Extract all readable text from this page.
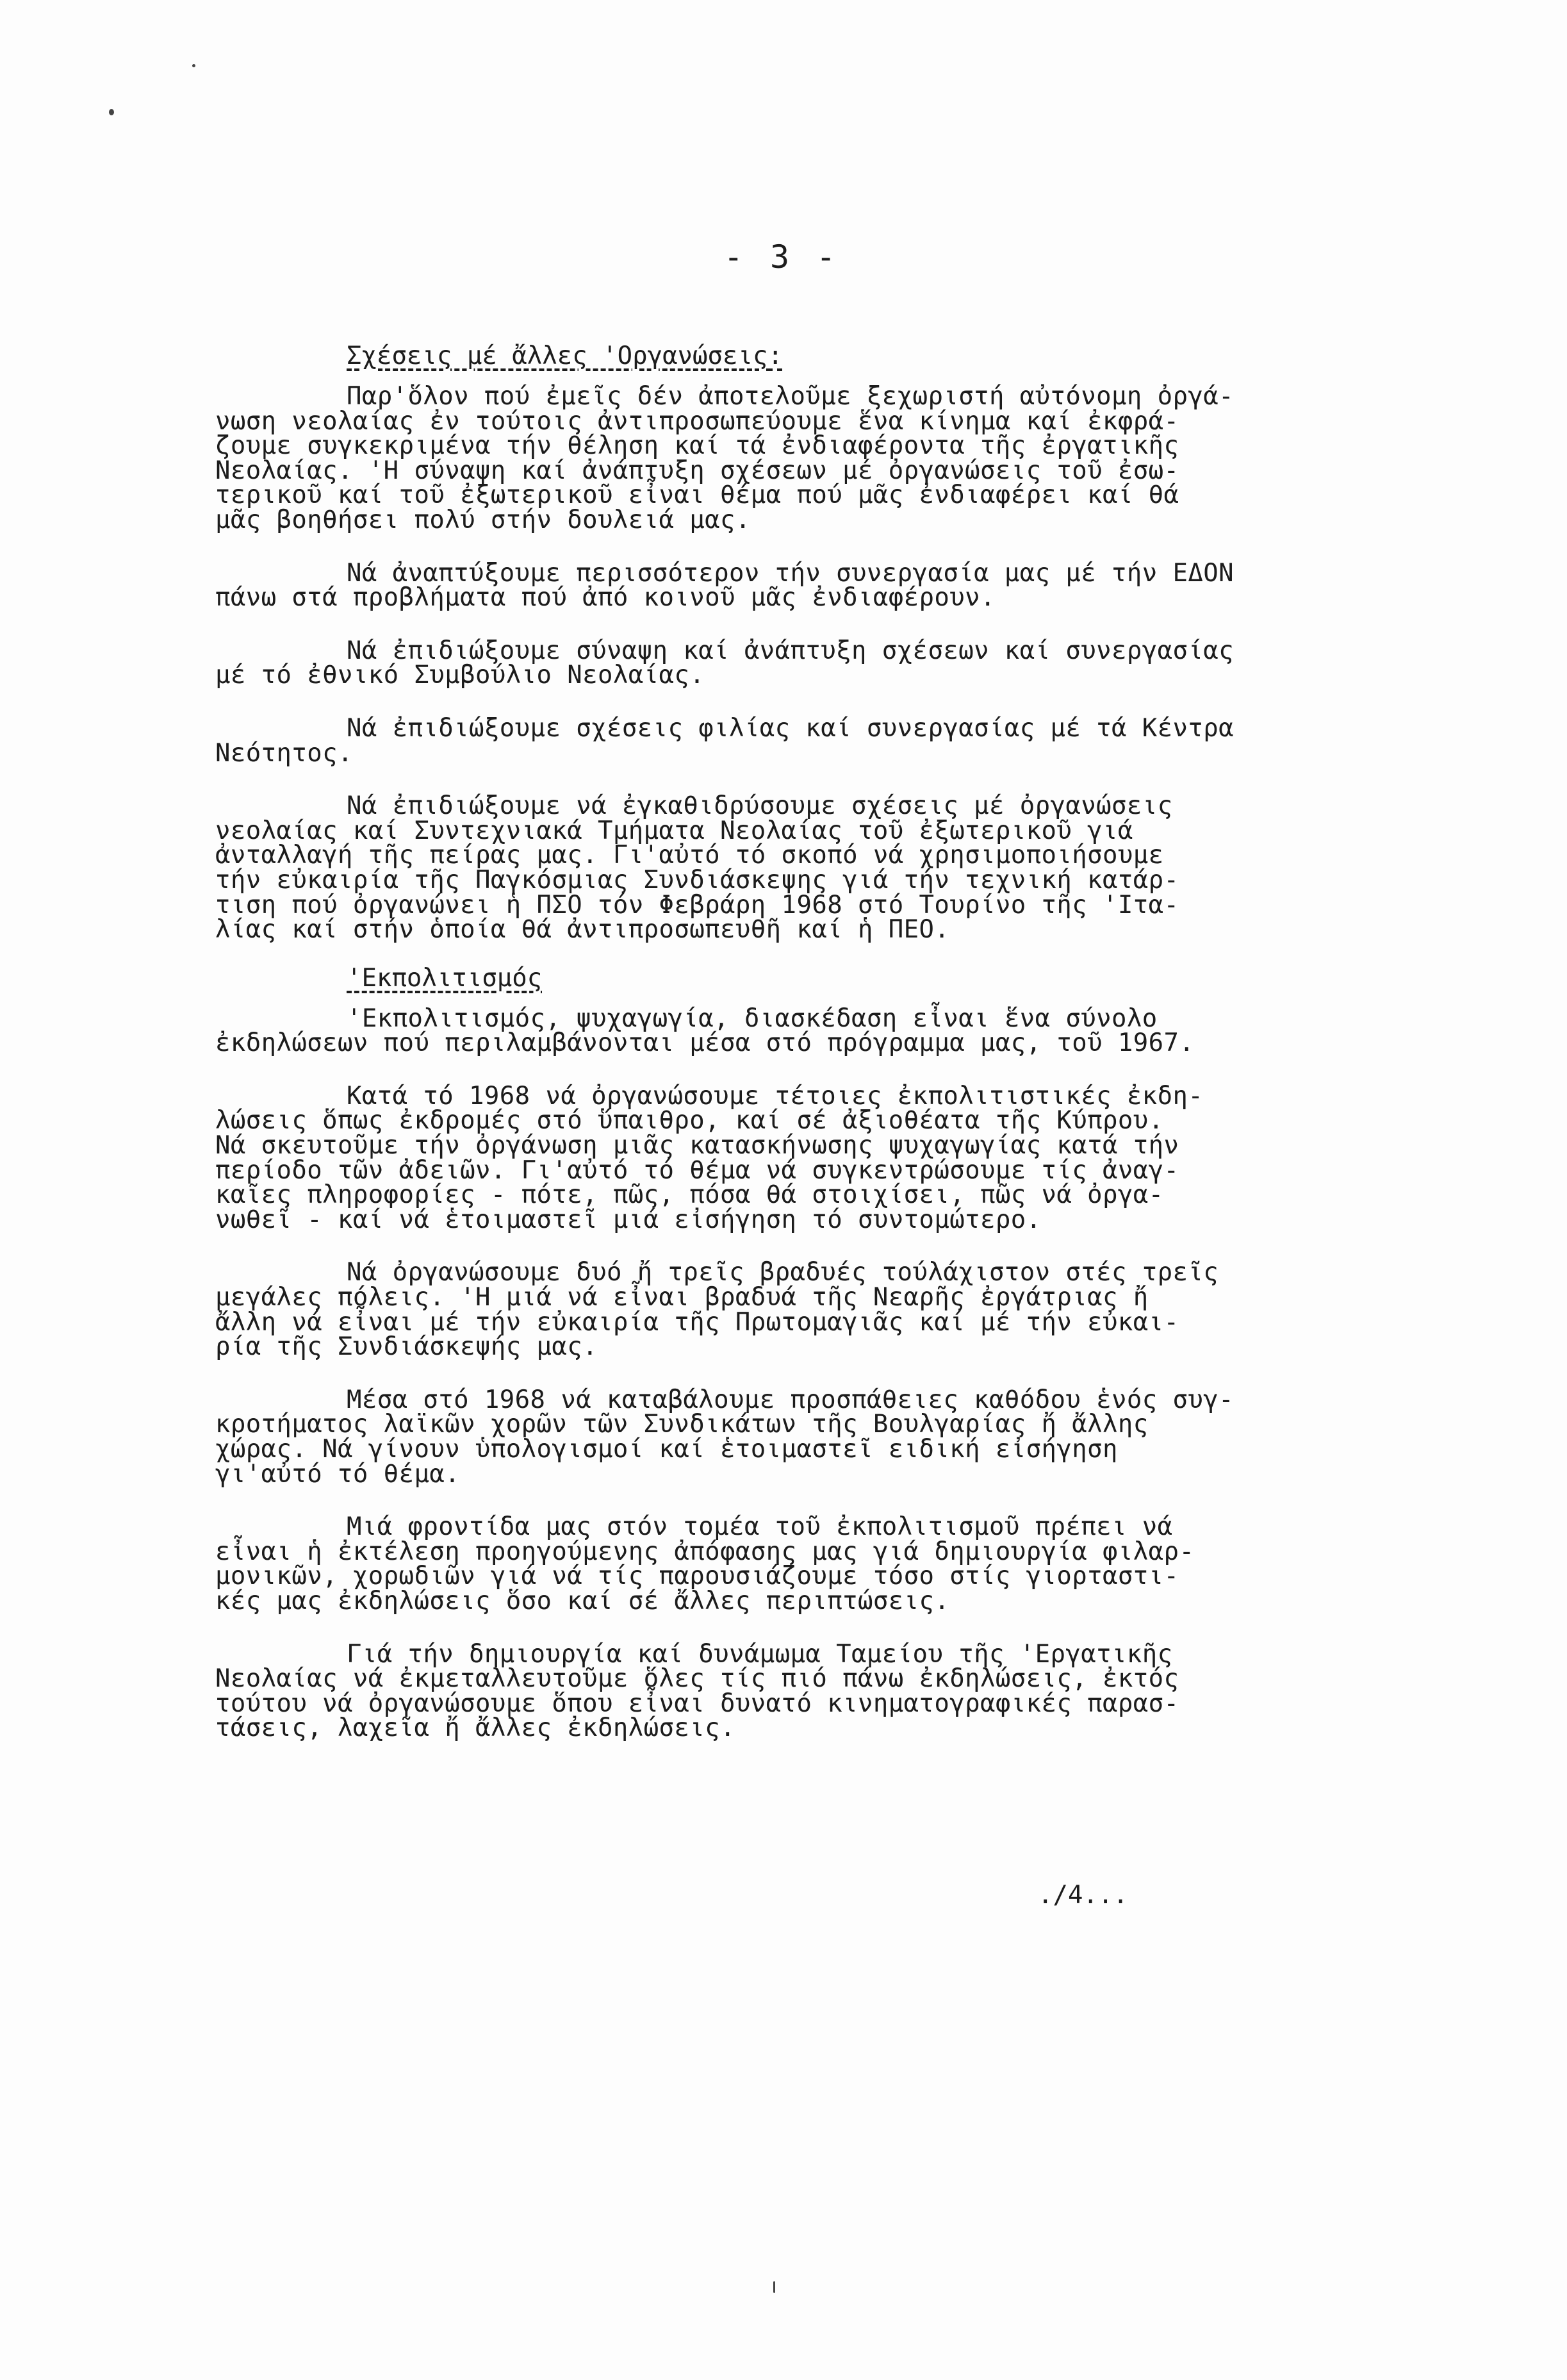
- 3 -
Σχέσεις μέ ἄλλες 'Οργανώσεις :
Παρ'ὅλον πού ἐμεῖς δέν ἀποτελοῦμε ξεχωριστή αὐτόνομη ὀργά-
νωση νεολαίας ἐν τούτοις ἀντιπροσωπεύουμε ἕνα κίνημα καί ἐκφρά-
ζουμε συγκεκριμένα τήν θέληση καί τά ἐνδιαφέροντα τῆς ἐργατικῆς
Νεολαίας. 'Η σύναψη καί ἀνάπτυξη σχέσεων μέ ὀργανώσεις τοῦ ἐσω-
τερικοῦ καί τοῦ ἐξωτερικοῦ εἶναι θέμα πού μᾶς ἐνδιαφέρει καί θά
μᾶς βοηθήσει πολύ στήν δουλειά μας.
Νά ἀναπτύξουμε περισσότερον τήν συνεργασία μας μέ τήν ΕΔΟΝ
πάνω στά προβλήματα πού ἀπό κοινοῦ μᾶς ἐνδιαφέρουν.
Νά ἐπιδιώξουμε σύναψη καί ἀνάπτυξη σχέσεων καί συνεργασίας
μέ τό ἐθνικό Συμβούλιο Νεολαίας.
Νά ἐπιδιώξουμε σχέσεις φιλίας καί συνεργασίας μέ τά Κέντρα
Νεότητος.
Νά ἐπιδιώξουμε νά ἐγκαθιδρύσουμε σχέσεις μέ ὀργανώσεις
νεολαίας καί Συντεχνιακά Τμήματα Νεολαίας τοῦ ἐξωτερικοῦ γιά
ἀνταλλαγή τῆς πείρας μας. Γι'αὐτό τό σκοπό νά χρησιμοποιήσουμε
τήν εὐκαιρία τῆς Παγκόσμιας Συνδιάσκεψης γιά τήν τεχνική κατάρ-
τιση πού ὀργανώνει ἡ ΠΣΟ τόν Φεβράρη 1968 στό Τουρίνο τῆς 'Ιτα-
λίας καί στήν ὁποία θά ἀντιπροσωπευθῆ καί ἡ ΠΕΟ.
'Εκπολιτισμός
'Εκπολιτισμός, ψυχαγωγία, διασκέδαση εἶναι ἕνα σύνολο
ἐκδηλώσεων πού περιλαμβάνονται μέσα στό πρόγραμμα μας, τοῦ 1967.
Κατά τό 1968 νά ὀργανώσουμε τέτοιες ἐκπολιτιστικές ἐκδη-
λώσεις ὅπως ἐκδρομές στό ὕπαιθρο, καί σέ ἀξιοθέατα τῆς Κύπρου.
Νά σκευτοῦμε τήν ὀργάνωση μιᾶς κατασκήνωσης ψυχαγωγίας κατά τήν
περίοδο τῶν ἀδειῶν. Γι'αὐτό τό θέμα νά συγκεντρώσουμε τίς ἀναγ-
καῖες πληροφορίες - πότε, πῶς, πόσα θά στοιχίσει, πῶς νά ὀργα-
νωθεῖ - καί νά ἑτοιμαστεῖ μιά εἰσήγηση τό συντομώτερο.
Νά ὀργανώσουμε δυό ἤ τρεῖς βραδυές τούλάχιστον στές τρεῖς
μεγάλες πόλεις. 'Η μιά νά εἶναι βραδυά τῆς Νεαρῆς ἐργάτριας ἤ
ἄλλη νά εἶναι μέ τήν εὐκαιρία τῆς Πρωτομαγιᾶς καί μέ τήν εὐκαι-
ρία τῆς Συνδιάσκεψής μας.
Μέσα στό 1968 νά καταβάλουμε προσπάθειες καθόδου ἑνός συγ-
κροτήματος λαϊκῶν χορῶν τῶν Συνδικάτων τῆς Βουλγαρίας ἤ ἄλλης
χώρας. Νά γίνουν ὑπολογισμοί καί ἑτοιμαστεῖ ειδική εἰσήγηση
γι'αὐτό τό θέμα.
Μιά φροντίδα μας στόν τομέα τοῦ ἐκπολιτισμοῦ πρέπει νά
εἶναι ἡ ἐκτέλεση προηγούμενης ἀπόφασης μας γιά δημιουργία φιλαρ-
μονικῶν, χορωδιῶν γιά νά τίς παρουσιάζουμε τόσο στίς γιορταστι-
κές μας ἐκδηλώσεις ὅσο καί σέ ἄλλες περιπτώσεις.
Γιά τήν δημιουργία καί δυνάμωμα Ταμείου τῆς 'Εργατικῆς
Νεολαίας νά ἐκμεταλλευτοῦμε ὅλες τίς πιό πάνω ἐκδηλώσεις, ἐκτός
τούτου νά ὀργανώσουμε ὅπου εἶναι δυνατό κινηματογραφικές παρασ-
τάσεις, λαχεῖα ἤ ἄλλες ἐκδηλώσεις.
./4...
